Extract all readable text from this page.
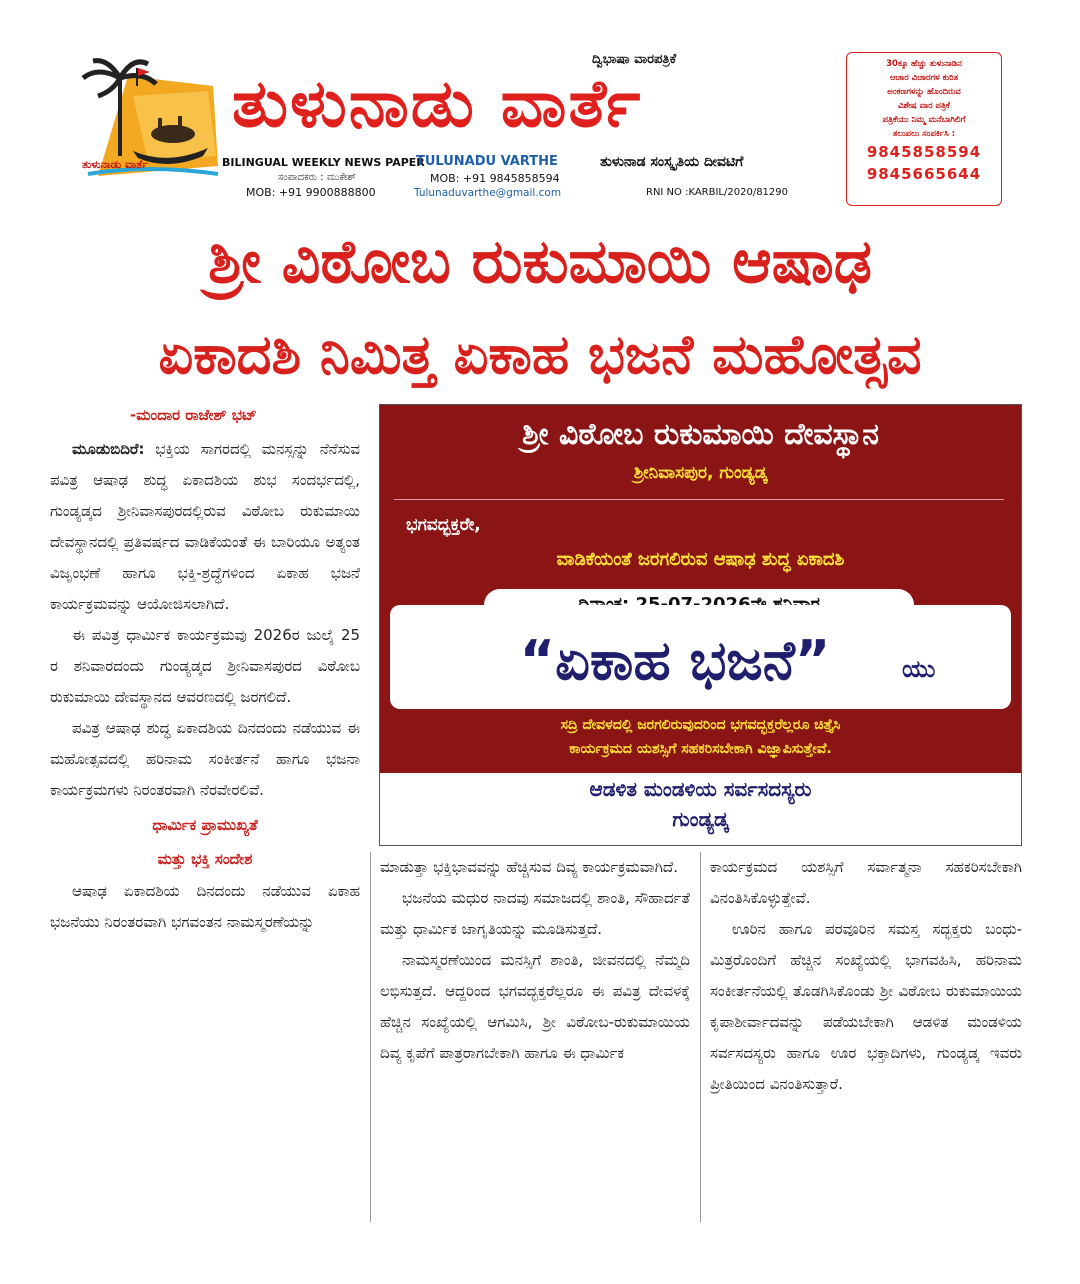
ತುಳುನಾಡು ವಾರ್ತೆ
ತುಳುನಾಡು ವಾರ್ತೆ
ದ್ವಿಭಾಷಾ ವಾರಪತ್ರಿಕೆ
BILINGUAL WEEKLY NEWS PAPER
ಸಂಪಾದಕರು : ಮುಕೇಶ್
MOB: +91 9900888800
TULUNADU VARTHE
MOB: +91 9845858594
Tulunaduvarthe@gmail.com
ತುಳುನಾಡ ಸಂಸ್ಕೃತಿಯ ದೀವಟಿಗೆ
RNI NO :KARBIL/2020/81290
30ಕ್ಕೂ ಹೆಚ್ಚು ತುಳುನಾಡಿನ
ಆಚಾರ ವಿಚಾರಗಳ ಕುರಿತ
ಅಂಕಣಗಳನ್ನು ಹೊಂದಿರುವ
ವಿಶೇಷ ವಾರ ಪತ್ರಿಕೆ
ಪತ್ರಿಕೆಯು ನಿಮ್ಮ ಮನೆಬಾಗಿಲಿಗೆ
ತಲುಪಲು ಸಂಪರ್ಕಿಸಿ :
9845858594
9845665644
ಶ್ರೀ ವಿಠೋಬ ರುಕುಮಾಯಿ ಆಷಾಢ
ಏಕಾದಶಿ ನಿಮಿತ್ತ ಏಕಾಹ ಭಜನೆ ಮಹೋತ್ಸವ
-ಮಂದಾರ ರಾಜೇಶ್ ಭಟ್

ಮೂಡುಬಿದಿರೆ: ಭಕ್ತಿಯ ಸಾಗರದಲ್ಲಿ ಮನಸ್ಸನ್ನು ನೆನೆಸುವ ಪವಿತ್ರ ಆಷಾಢ ಶುದ್ಧ ಏಕಾದಶಿಯ ಶುಭ ಸಂದರ್ಭದಲ್ಲಿ, ಗುಂಡ್ಯಡ್ಕದ ಶ್ರೀನಿವಾಸಪುರದಲ್ಲಿರುವ ವಿಠೋಬ ರುಕುಮಾಯಿ ದೇವಸ್ಥಾನದಲ್ಲಿ ಪ್ರತಿವರ್ಷದ ವಾಡಿಕೆಯಂತೆ ಈ ಬಾರಿಯೂ ಅತ್ಯಂತ ವಿಜೃಂಭಣೆ ಹಾಗೂ ಭಕ್ತಿ-ಶ್ರದ್ಧೆಗಳಿಂದ ಏಕಾಹ ಭಜನೆ ಕಾರ್ಯಕ್ರಮವನ್ನು ಆಯೋಜಿಸಲಾಗಿದೆ.

ಈ ಪವಿತ್ರ ಧಾರ್ಮಿಕ ಕಾರ್ಯಕ್ರಮವು 2026ರ ಜುಲೈ 25 ರ ಶನಿವಾರದಂದು ಗುಂಡ್ಯಡ್ಕದ ಶ್ರೀನಿವಾಸಪುರದ ವಿಠೋಬ ರುಕುಮಾಯಿ ದೇವಸ್ಥಾನದ ಆವರಣದಲ್ಲಿ ಜರಗಲಿದೆ.

ಪವಿತ್ರ ಆಷಾಢ ಶುದ್ಧ ಏಕಾದಶಿಯ ದಿನದಂದು ನಡೆಯುವ ಈ ಮಹೋತ್ಸವದಲ್ಲಿ ಹರಿನಾಮ ಸಂಕೀರ್ತನೆ ಹಾಗೂ ಭಜನಾ ಕಾರ್ಯಕ್ರಮಗಳು ನಿರಂತರವಾಗಿ ನೆರವೇರಲಿವೆ.

ಧಾರ್ಮಿಕ ಪ್ರಾಮುಖ್ಯತೆ
ಮತ್ತು ಭಕ್ತಿ ಸಂದೇಶ

ಆಷಾಢ ಏಕಾದಶಿಯ ದಿನದಂದು ನಡೆಯುವ ಏಕಾಹ ಭಜನೆಯು ನಿರಂತರವಾಗಿ ಭಗವಂತನ ನಾಮಸ್ಮರಣೆಯನ್ನು

ಶ್ರೀ ವಿಠೋಬ ರುಕುಮಾಯಿ ದೇವಸ್ಥಾನ
ಶ್ರೀನಿವಾಸಪುರ, ಗುಂಡ್ಯಡ್ಕ
ಭಗವದ್ಭಕ್ತರೇ,
ವಾಡಿಕೆಯಂತೆ ಜರಗಲಿರುವ ಆಷಾಢ ಶುದ್ಧ ಏಕಾದಶಿ
“ಏಕಾಹ ಭಜನೆ”	ಯು
ಸದ್ರಿ ದೇವಳದಲ್ಲಿ ಜರಗಲಿರುವುದರಿಂದ ಭಗವದ್ಭಕ್ತರೆಲ್ಲರೂ ಚಿತ್ತೈಸಿ
ಕಾರ್ಯಕ್ರಮದ ಯಶಸ್ಸಿಗೆ ಸಹಕರಿಸಬೇಕಾಗಿ ವಿಜ್ಞಾಪಿಸುತ್ತೇವೆ.
ಆಡಳಿತ ಮಂಡಳಿಯ ಸರ್ವಸದಸ್ಯರು
ಗುಂಡ್ಯಡ್ಕ

ಮಾಡುತ್ತಾ ಭಕ್ತಿಭಾವವನ್ನು ಹೆಚ್ಚಿಸುವ ದಿವ್ಯ ಕಾರ್ಯಕ್ರಮವಾಗಿದೆ.

ಭಜನೆಯ ಮಧುರ ನಾದವು ಸಮಾಜದಲ್ಲಿ ಶಾಂತಿ, ಸೌಹಾರ್ದತೆ ಮತ್ತು ಧಾರ್ಮಿಕ ಜಾಗೃತಿಯನ್ನು ಮೂಡಿಸುತ್ತದೆ.

ನಾಮಸ್ಮರಣೆಯಿಂದ ಮನಸ್ಸಿಗೆ ಶಾಂತಿ, ಜೀವನದಲ್ಲಿ ನೆಮ್ಮದಿ ಲಭಿಸುತ್ತದೆ. ಆದ್ದರಿಂದ ಭಗವದ್ಭಕ್ತರೆಲ್ಲರೂ ಈ ಪವಿತ್ರ ದೇವಳಕ್ಕೆ ಹೆಚ್ಚಿನ ಸಂಖ್ಯೆಯಲ್ಲಿ ಆಗಮಿಸಿ, ಶ್ರೀ ವಿಠೋಬ-ರುಕುಮಾಯಿಯ ದಿವ್ಯ ಕೃಪೆಗೆ ಪಾತ್ರರಾಗಬೇಕಾಗಿ ಹಾಗೂ ಈ ಧಾರ್ಮಿಕ

ಕಾರ್ಯಕ್ರಮದ ಯಶಸ್ಸಿಗೆ ಸರ್ವಾತ್ಮನಾ ಸಹಕರಿಸಬೇಕಾಗಿ ವಿನಂತಿಸಿಕೊಳ್ಳುತ್ತೇವೆ.

ಊರಿನ ಹಾಗೂ ಪರವೂರಿನ ಸಮಸ್ತ ಸದ್ಭಕ್ತರು ಬಂಧು-ಮಿತ್ರರೊಂದಿಗೆ ಹೆಚ್ಚಿನ ಸಂಖ್ಯೆಯಲ್ಲಿ ಭಾಗವಹಿಸಿ, ಹರಿನಾಮ ಸಂಕೀರ್ತನೆಯಲ್ಲಿ ತೊಡಗಿಸಿಕೊಂಡು ಶ್ರೀ ವಿಠೋಬ ರುಕುಮಾಯಿಯ ಕೃಪಾಶೀರ್ವಾದವನ್ನು ಪಡೆಯಬೇಕಾಗಿ ಆಡಳಿತ ಮಂಡಳಿಯ ಸರ್ವಸದಸ್ಯರು ಹಾಗೂ ಊರ ಭಕ್ತಾದಿಗಳು, ಗುಂಡ್ಯಡ್ಕ ಇವರು ಪ್ರೀತಿಯಿಂದ ವಿನಂತಿಸುತ್ತಾರೆ.
